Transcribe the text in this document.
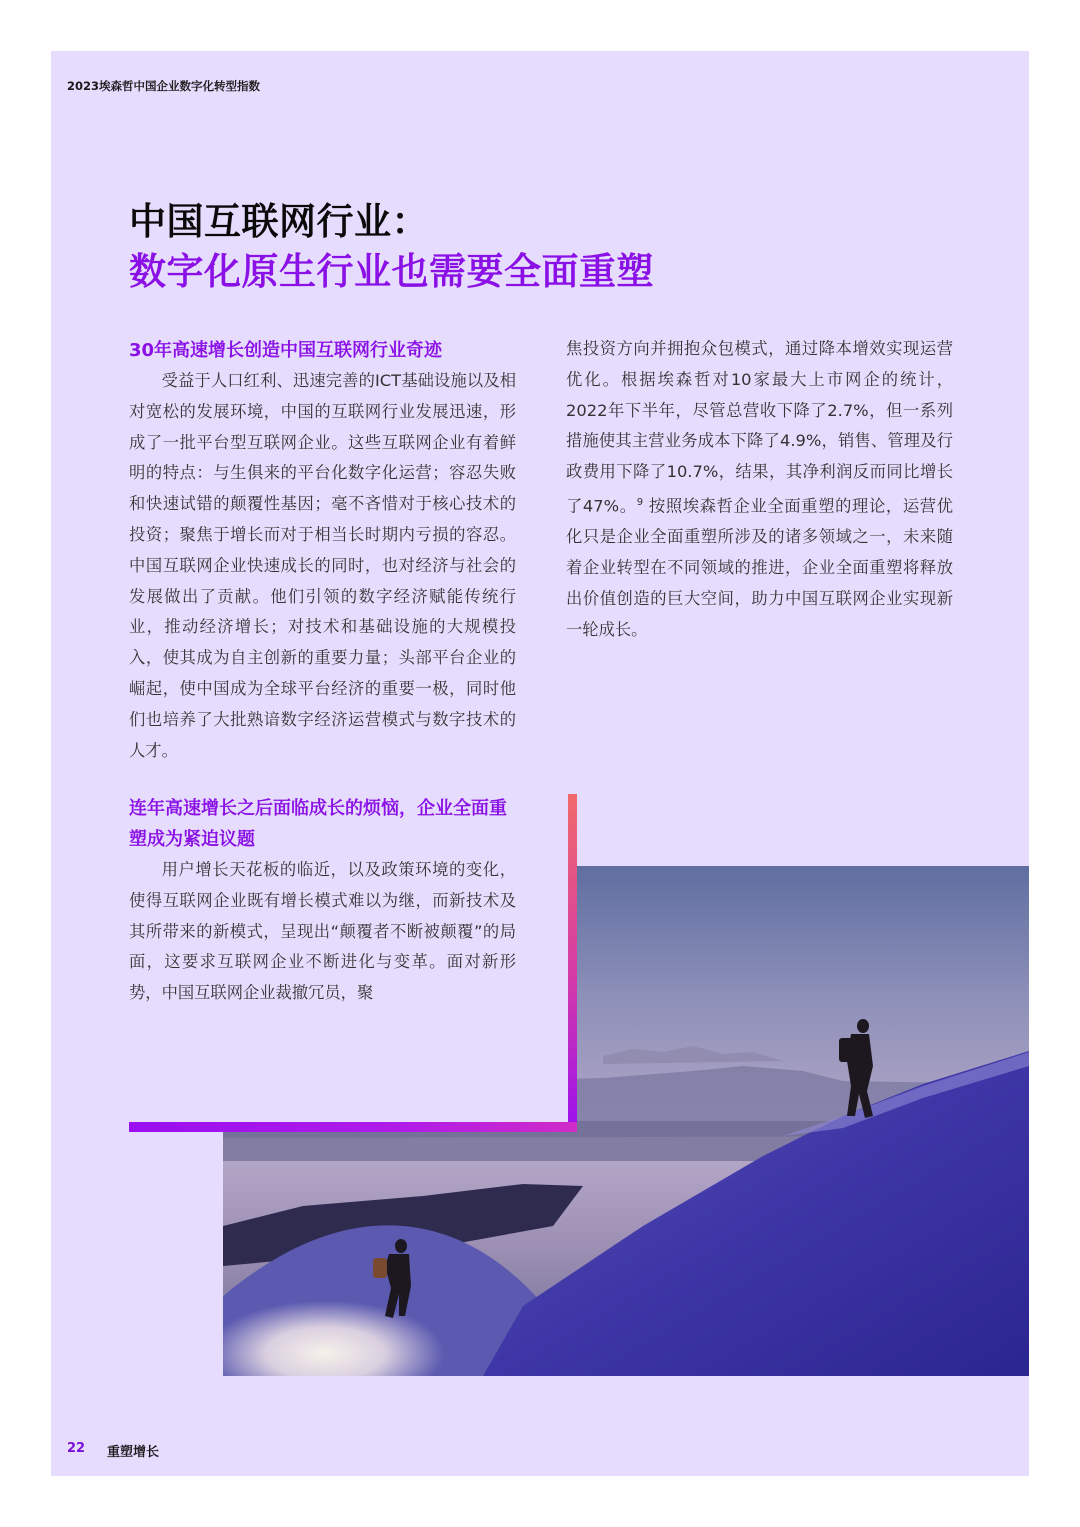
2023埃森哲中国企业数字化转型指数
中国互联网行业：
数字化原生行业也需要全面重塑
30年高速增长创造中国互联网行业奇迹

受益于人口红利、迅速完善的ICT基础设施以及相对宽松的发展环境，中国的互联网行业发展迅速，形成了一批平台型互联网企业。这些互联网企业有着鲜明的特点：与生俱来的平台化数字化运营；容忍失败和快速试错的颠覆性基因；毫不吝惜对于核心技术的投资；聚焦于增长而对于相当长时期内亏损的容忍。中国互联网企业快速成长的同时，也对经济与社会的发展做出了贡献。他们引领的数字经济赋能传统行业，推动经济增长；对技术和基础设施的大规模投入，使其成为自主创新的重要力量；头部平台企业的崛起，使中国成为全球平台经济的重要一极，同时他们也培养了大批熟谙数字经济运营模式与数字技术的人才。

焦投资方向并拥抱众包模式，通过降本增效实现运营优化。根据埃森哲对10家最大上市网企的统计，2022年下半年，尽管总营收下降了2.7%，但一系列措施使其主营业务成本下降了4.9%，销售、管理及行政费用下降了10.7%，结果，其净利润反而同比增长了47%。$^9$ 按照埃森哲企业全面重塑的理论，运营优化只是企业全面重塑所涉及的诸多领域之一，未来随着企业转型在不同领域的推进，企业全面重塑将释放出价值创造的巨大空间，助力中国互联网企业实现新一轮成长。

连年高速增长之后面临成长的烦恼，企业全面重塑成为紧迫议题

用户增长天花板的临近，以及政策环境的变化，使得互联网企业既有增长模式难以为继，而新技术及其所带来的新模式，呈现出“颠覆者不断被颠覆”的局面，这要求互联网企业不断进化与变革。面对新形势，中国互联网企业裁撤冗员，聚

22 重塑增长
